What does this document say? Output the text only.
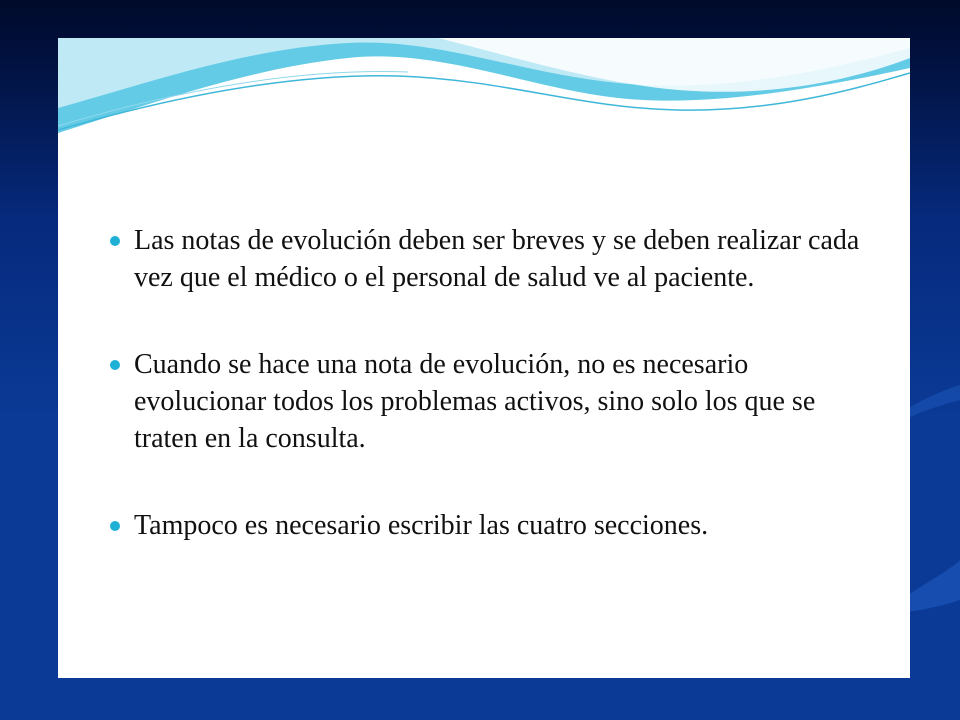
Las notas de evolución deben ser breves y se deben realizar cada vez que el médico o el personal de salud ve al paciente.
Cuando se hace una nota de evolución, no es necesario evolucionar todos los problemas activos, sino solo los que se traten en la consulta.
Tampoco es necesario escribir las cuatro secciones.
